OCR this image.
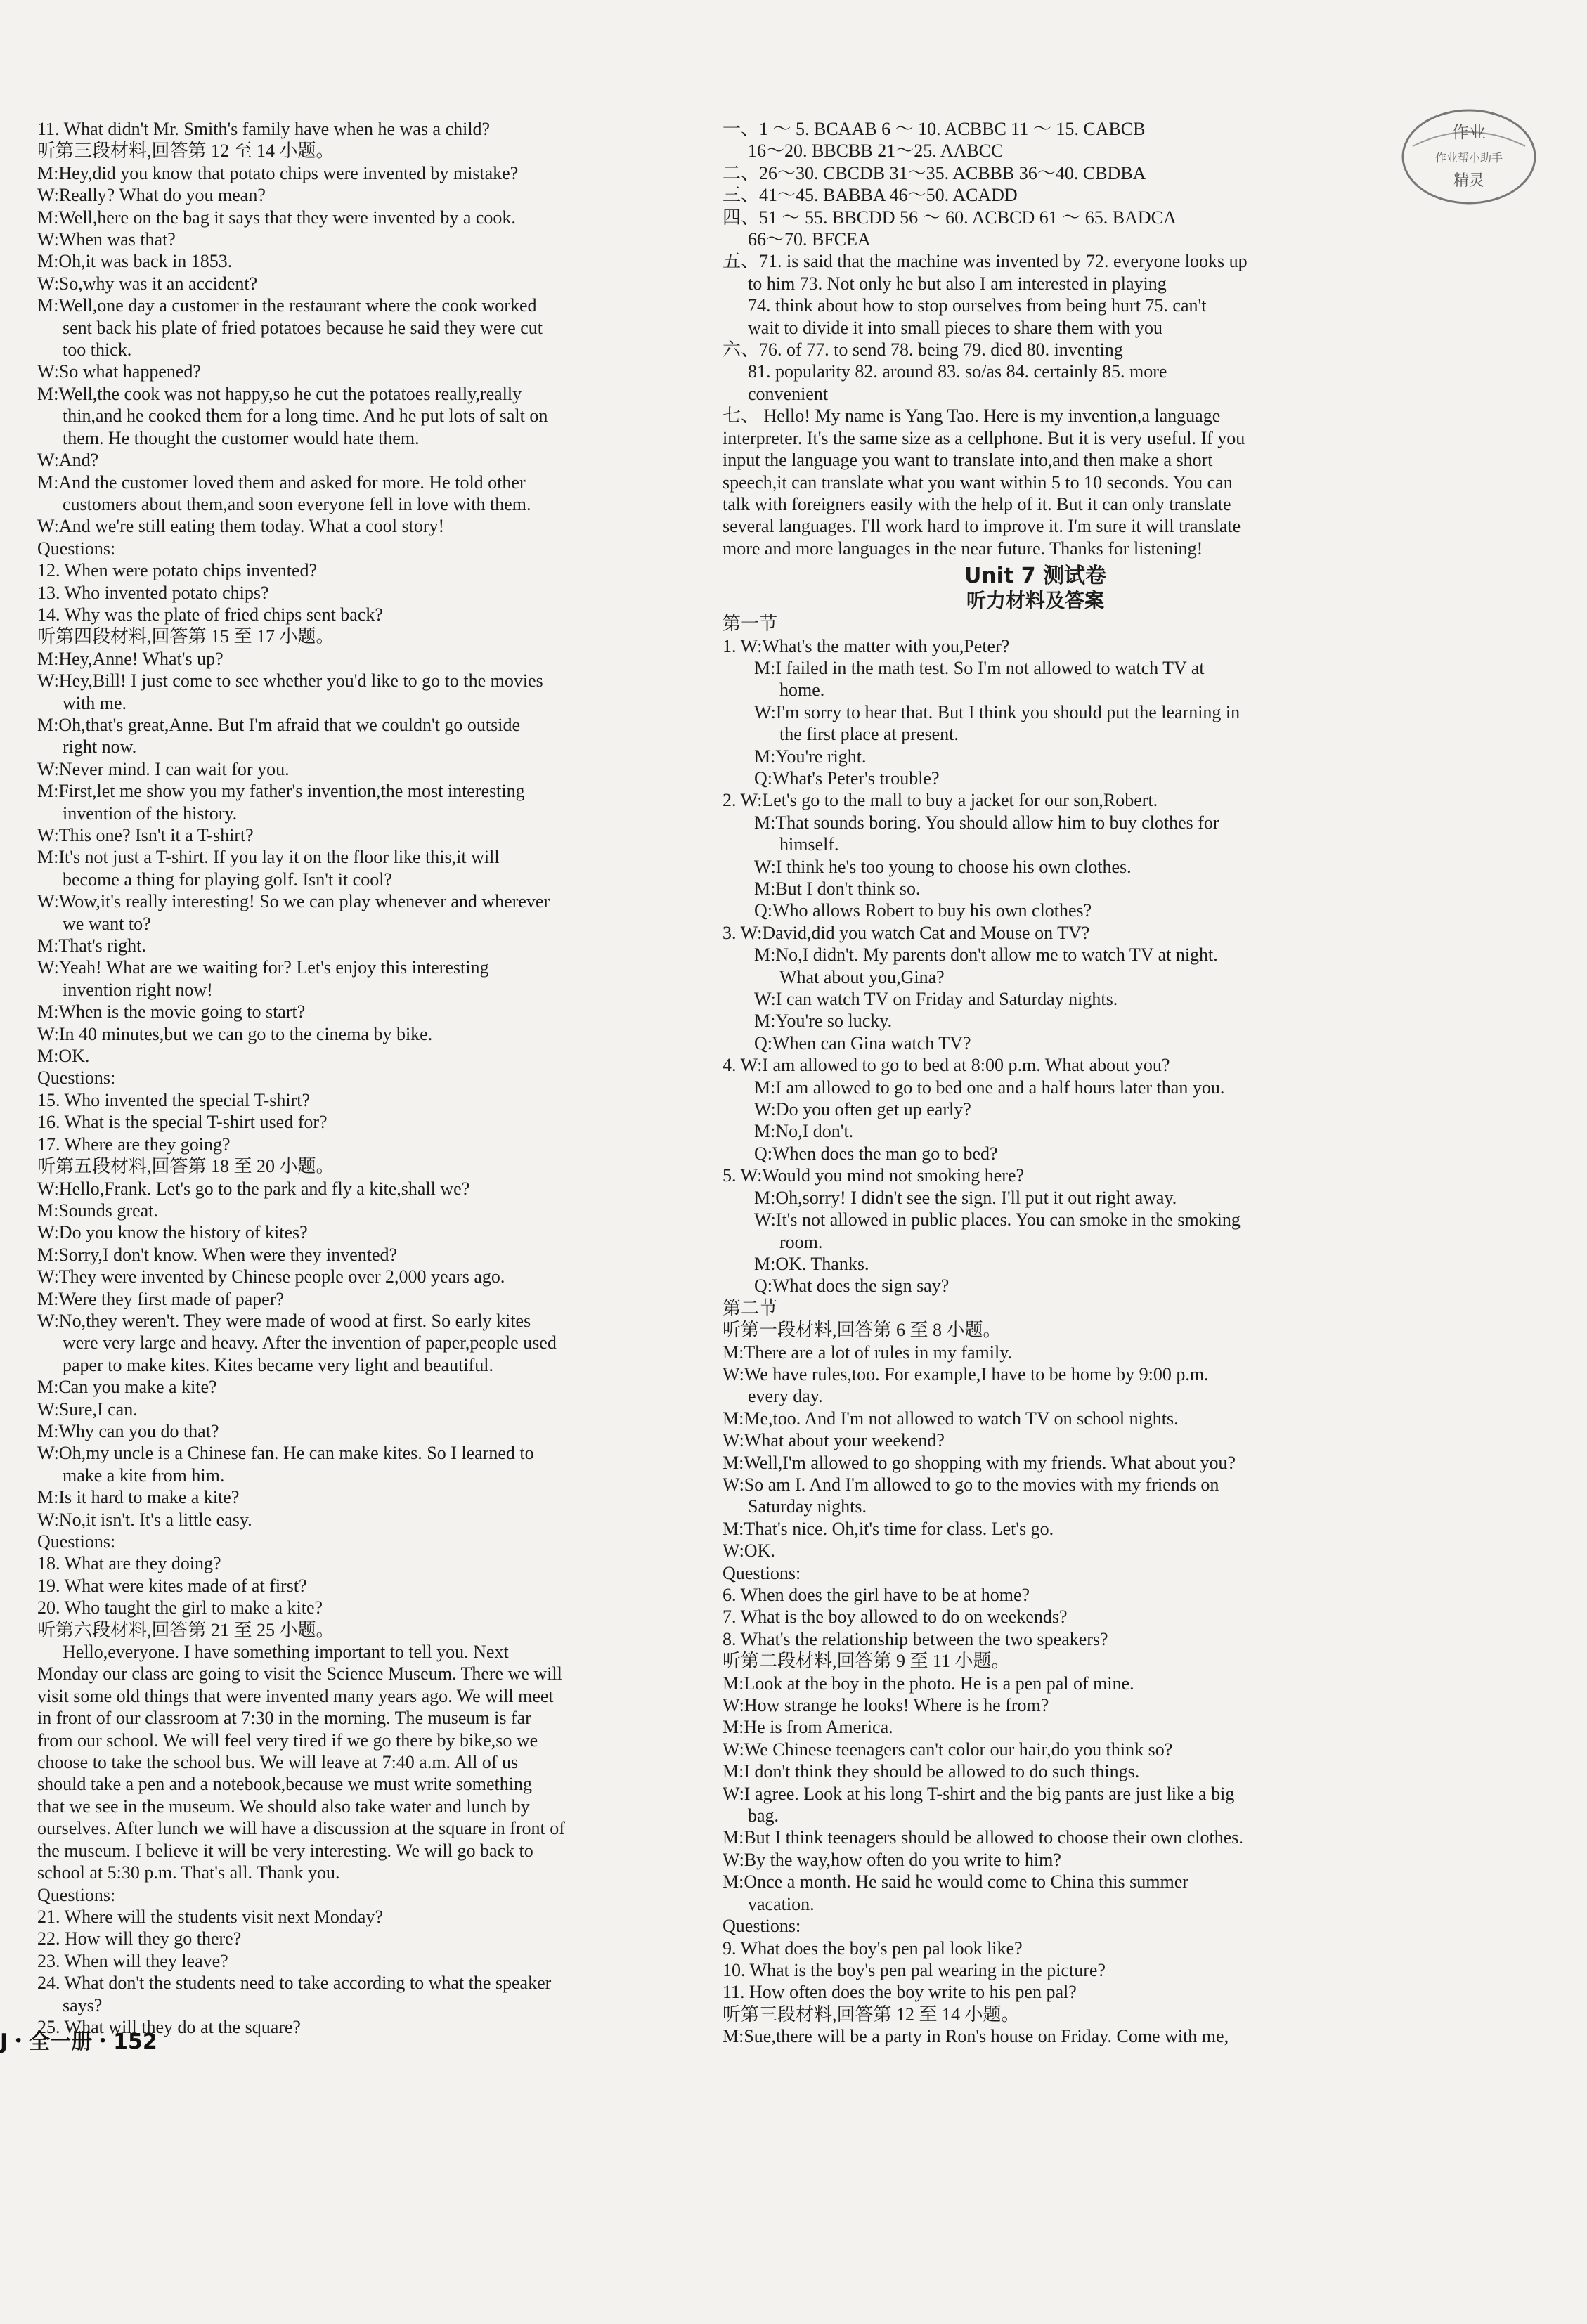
11. What didn't Mr. Smith's family have when he was a child?
听第三段材料,回答第 12 至 14 小题。
M:Hey,did you know that potato chips were invented by mistake?
W:Really? What do you mean?
M:Well,here on the bag it says that they were invented by a cook.
W:When was that?
M:Oh,it was back in 1853.
W:So,why was it an accident?
M:Well,one day a customer in the restaurant where the cook worked
sent back his plate of fried potatoes because he said they were cut
too thick.
W:So what happened?
M:Well,the cook was not happy,so he cut the potatoes really,really
thin,and he cooked them for a long time. And he put lots of salt on
them. He thought the customer would hate them.
W:And?
M:And the customer loved them and asked for more. He told other
customers about them,and soon everyone fell in love with them.
W:And we're still eating them today. What a cool story!
Questions:
12. When were potato chips invented?
13. Who invented potato chips?
14. Why was the plate of fried chips sent back?
听第四段材料,回答第 15 至 17 小题。
M:Hey,Anne! What's up?
W:Hey,Bill! I just come to see whether you'd like to go to the movies
with me.
M:Oh,that's great,Anne. But I'm afraid that we couldn't go outside
right now.
W:Never mind. I can wait for you.
M:First,let me show you my father's invention,the most interesting
invention of the history.
W:This one? Isn't it a T-shirt?
M:It's not just a T-shirt. If you lay it on the floor like this,it will
become a thing for playing golf. Isn't it cool?
W:Wow,it's really interesting! So we can play whenever and wherever
we want to?
M:That's right.
W:Yeah! What are we waiting for? Let's enjoy this interesting
invention right now!
M:When is the movie going to start?
W:In 40 minutes,but we can go to the cinema by bike.
M:OK.
Questions:
15. Who invented the special T-shirt?
16. What is the special T-shirt used for?
17. Where are they going?
听第五段材料,回答第 18 至 20 小题。
W:Hello,Frank. Let's go to the park and fly a kite,shall we?
M:Sounds great.
W:Do you know the history of kites?
M:Sorry,I don't know. When were they invented?
W:They were invented by Chinese people over 2,000 years ago.
M:Were they first made of paper?
W:No,they weren't. They were made of wood at first. So early kites
were very large and heavy. After the invention of paper,people used
paper to make kites. Kites became very light and beautiful.
M:Can you make a kite?
W:Sure,I can.
M:Why can you do that?
W:Oh,my uncle is a Chinese fan. He can make kites. So I learned to
make a kite from him.
M:Is it hard to make a kite?
W:No,it isn't. It's a little easy.
Questions:
18. What are they doing?
19. What were kites made of at first?
20. Who taught the girl to make a kite?
听第六段材料,回答第 21 至 25 小题。
Hello,everyone. I have something important to tell you. Next
Monday our class are going to visit the Science Museum. There we will
visit some old things that were invented many years ago. We will meet
in front of our classroom at 7:30 in the morning. The museum is far
from our school. We will feel very tired if we go there by bike,so we
choose to take the school bus. We will leave at 7:40 a.m. All of us
should take a pen and a notebook,because we must write something
that we see in the museum. We should also take water and lunch by
ourselves. After lunch we will have a discussion at the square in front of
the museum. I believe it will be very interesting. We will go back to
school at 5:30 p.m. That's all. Thank you.
Questions:
21. Where will the students visit next Monday?
22. How will they go there?
23. When will they leave?
24. What don't the students need to take according to what the speaker
says?
25. What will they do at the square?
一、1 ～ 5. BCAAB 6 ～ 10. ACBBC 11 ～ 15. CABCB
16～20. BBCBB 21～25. AABCC
二、26～30. CBCDB 31～35. ACBBB 36～40. CBDBA
三、41～45. BABBA 46～50. ACADD
四、51 ～ 55. BBCDD 56 ～ 60. ACBCD 61 ～ 65. BADCA
66～70. BFCEA
五、71. is said that the machine was invented by 72. everyone looks up
to him 73. Not only he but also I am interested in playing
74. think about how to stop ourselves from being hurt 75. can't
wait to divide it into small pieces to share them with you
六、76. of 77. to send 78. being 79. died 80. inventing
81. popularity 82. around 83. so/as 84. certainly 85. more
convenient
七、 Hello! My name is Yang Tao. Here is my invention,a language
interpreter. It's the same size as a cellphone. But it is very useful. If you
input the language you want to translate into,and then make a short
speech,it can translate what you want within 5 to 10 seconds. You can
talk with foreigners easily with the help of it. But it can only translate
several languages. I'll work hard to improve it. I'm sure it will translate
more and more languages in the near future. Thanks for listening!
Unit 7 测试卷
听力材料及答案
第一节
1. W:What's the matter with you,Peter?
M:I failed in the math test. So I'm not allowed to watch TV at
home.
W:I'm sorry to hear that. But I think you should put the learning in
the first place at present.
M:You're right.
Q:What's Peter's trouble?
2. W:Let's go to the mall to buy a jacket for our son,Robert.
M:That sounds boring. You should allow him to buy clothes for
himself.
W:I think he's too young to choose his own clothes.
M:But I don't think so.
Q:Who allows Robert to buy his own clothes?
3. W:David,did you watch Cat and Mouse on TV?
M:No,I didn't. My parents don't allow me to watch TV at night.
What about you,Gina?
W:I can watch TV on Friday and Saturday nights.
M:You're so lucky.
Q:When can Gina watch TV?
4. W:I am allowed to go to bed at 8:00 p.m. What about you?
M:I am allowed to go to bed one and a half hours later than you.
W:Do you often get up early?
M:No,I don't.
Q:When does the man go to bed?
5. W:Would you mind not smoking here?
M:Oh,sorry! I didn't see the sign. I'll put it out right away.
W:It's not allowed in public places. You can smoke in the smoking
room.
M:OK. Thanks.
Q:What does the sign say?
第二节
听第一段材料,回答第 6 至 8 小题。
M:There are a lot of rules in my family.
W:We have rules,too. For example,I have to be home by 9:00 p.m.
every day.
M:Me,too. And I'm not allowed to watch TV on school nights.
W:What about your weekend?
M:Well,I'm allowed to go shopping with my friends. What about you?
W:So am I. And I'm allowed to go to the movies with my friends on
Saturday nights.
M:That's nice. Oh,it's time for class. Let's go.
W:OK.
Questions:
6. When does the girl have to be at home?
7. What is the boy allowed to do on weekends?
8. What's the relationship between the two speakers?
听第二段材料,回答第 9 至 11 小题。
M:Look at the boy in the photo. He is a pen pal of mine.
W:How strange he looks! Where is he from?
M:He is from America.
W:We Chinese teenagers can't color our hair,do you think so?
M:I don't think they should be allowed to do such things.
W:I agree. Look at his long T-shirt and the big pants are just like a big
bag.
M:But I think teenagers should be allowed to choose their own clothes.
W:By the way,how often do you write to him?
M:Once a month. He said he would come to China this summer
vacation.
Questions:
9. What does the boy's pen pal look like?
10. What is the boy's pen pal wearing in the picture?
11. How often does the boy write to his pen pal?
听第三段材料,回答第 12 至 14 小题。
M:Sue,there will be a party in Ron's house on Friday. Come with me,
J・全一册・152
作业
作业帮小助手
精灵
